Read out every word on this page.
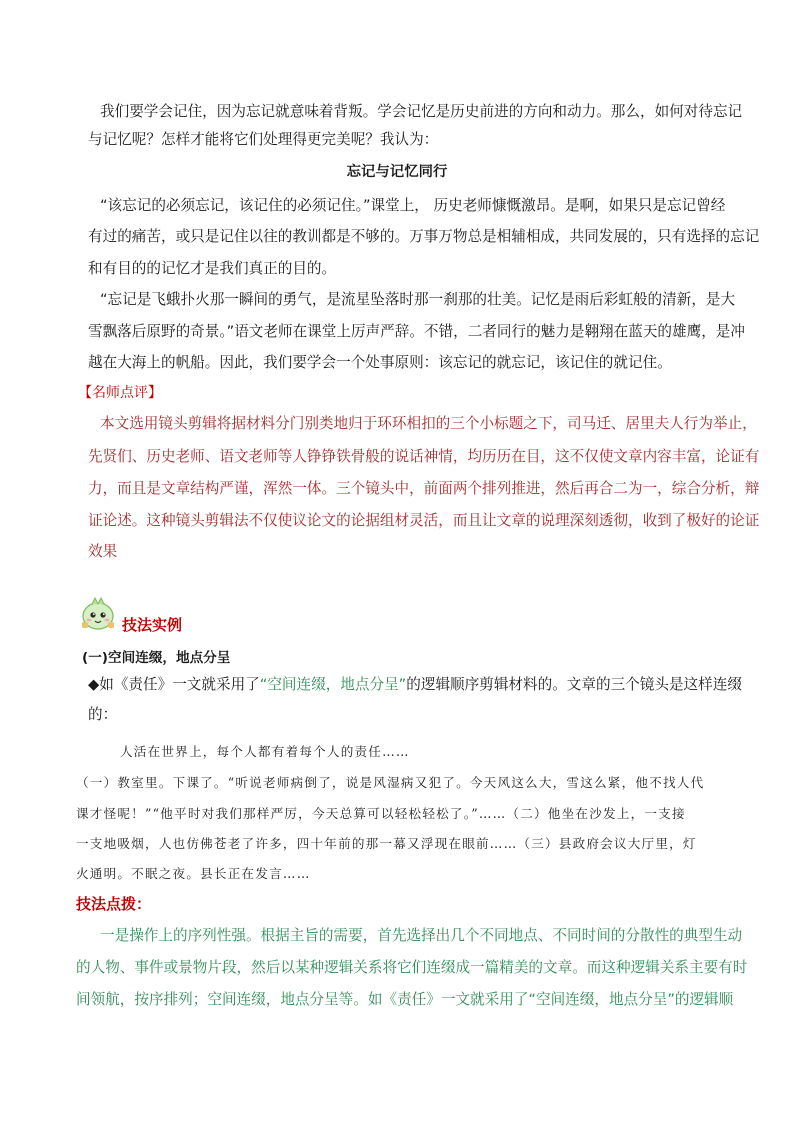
我们要学会记住，因为忘记就意味着背叛。学会记忆是历史前进的方向和动力。那么，如何对待忘记
与记忆呢？怎样才能将它们处理得更完美呢？我认为：
忘记与记忆同行
“该忘记的必须忘记，该记住的必须记住。”课堂上， 历史老师慷慨激昂。是啊，如果只是忘记曾经
有过的痛苦，或只是记住以往的教训都是不够的。万事万物总是相辅相成，共同发展的，只有选择的忘记
和有目的的记忆才是我们真正的目的。
“忘记是飞蛾扑火那一瞬间的勇气，是流星坠落时那一刹那的壮美。记忆是雨后彩虹般的清新，是大
雪飘落后原野的奇景。”语文老师在课堂上厉声严辞。不错，二者同行的魅力是翱翔在蓝天的雄鹰，是冲
越在大海上的帆船。因此，我们要学会一个处事原则：该忘记的就忘记，该记住的就记住。
【名师点评】
本文选用镜头剪辑将据材料分门别类地归于环环相扣的三个小标题之下，司马迁、居里夫人行为举止，
先贤们、历史老师、语文老师等人铮铮铁骨般的说话神情，均历历在目，这不仅使文章内容丰富，论证有
力，而且是文章结构严谨，浑然一体。三个镜头中，前面两个排列推进，然后再合二为一，综合分析，辩
证论述。这种镜头剪辑法不仅使议论文的论据组材灵活，而且让文章的说理深刻透彻，收到了极好的论证
效果
技法实例
(一)空间连缀，地点分呈
◆如《责任》一文就采用了“空间连缀，地点分呈”的逻辑顺序剪辑材料的。文章的三个镜头是这样连缀
的：
人活在世界上，每个人都有着每个人的责任……
（一）教室里。下课了。“听说老师病倒了，说是风湿病又犯了。今天风这么大，雪这么紧，他不找人代
课才怪呢！”“他平时对我们那样严厉，今天总算可以轻松轻松了。”……（二）他坐在沙发上，一支接
一支地吸烟，人也仿佛苍老了许多，四十年前的那一幕又浮现在眼前……（三）县政府会议大厅里，灯
火通明。不眠之夜。县长正在发言……
技法点拨：
一是操作上的序列性强。根据主旨的需要，首先选择出几个不同地点、不同时间的分散性的典型生动
的人物、事件或景物片段，然后以某种逻辑关系将它们连缀成一篇精美的文章。而这种逻辑关系主要有时
间领航，按序排列；空间连缀，地点分呈等。如《责任》一文就采用了“空间连缀，地点分呈”的逻辑顺
